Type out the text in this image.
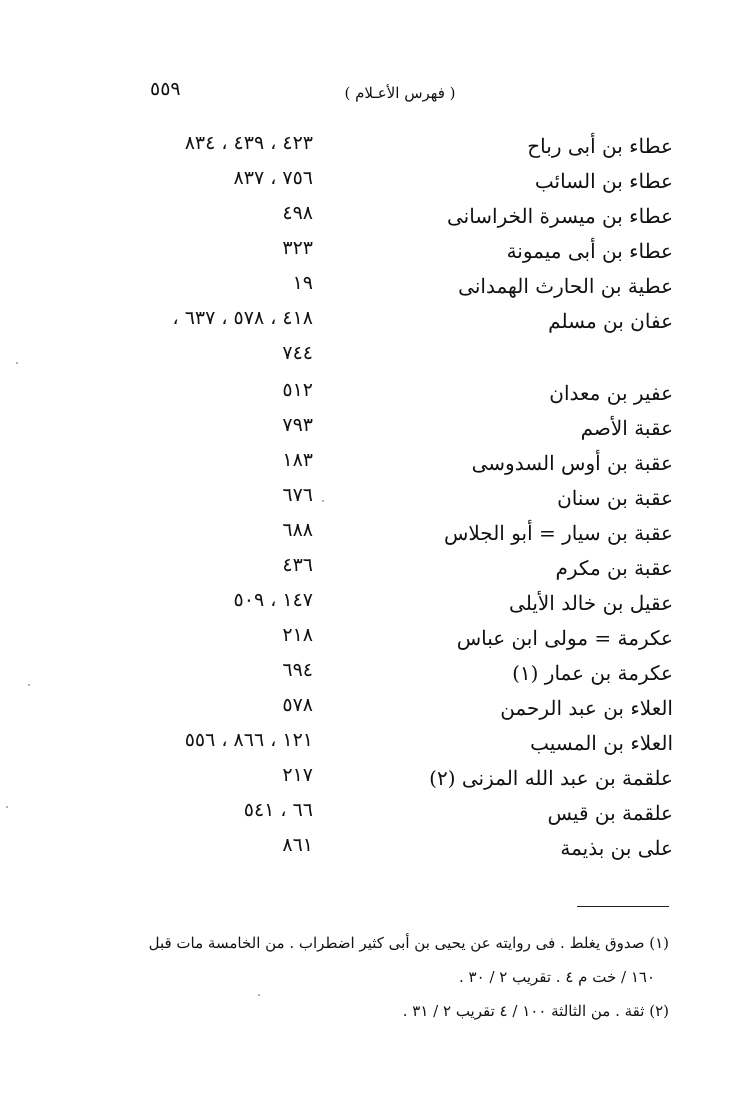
٥٥٩	( فهرس الأعـلام )
عطاء بن أبى رباح
٤٢٣ ، ٤٣٩ ، ٨٣٤
عطاء بن السائب
٧٥٦ ، ٨٣٧
عطاء بن ميسرة الخراسانى
٤٩٨
عطاء بن أبى ميمونة
٣٢٣
عطية بن الحارث الهمدانى
١٩
عفان بن مسلم
٤١٨ ، ٥٧٨ ، ٦٣٧ ،
٧٤٤
عفير بن معدان
٥١٢
عقبة الأصم
٧٩٣
عقبة بن أوس السدوسى
١٨٣
عقبة بن سنان
٦٧٦
عقبة بن سيار = أبو الجلاس
٦٨٨
عقبة بن مكرم
٤٣٦
عقيل بن خالد الأيلى
١٤٧ ، ٥٠٩
عكرمة = مولى ابن عباس
٢١٨
عكرمة بن عمار (١)
٦٩٤
العلاء بن عبد الرحمن
٥٧٨
العلاء بن المسيب
١٢١ ، ٨٦٦ ، ٥٥٦
علقمة بن عبد الله المزنى (٢)
٢١٧
علقمة بن قيس
٦٦ ، ٥٤١
على بن بذيمة
٨٦١
(١) صدوق يغلط . فى روايته عن يحيى بن أبى كثير اضطراب . من الخامسة مات قبل
١٦٠ / خت م ٤ . تقريب ٢ / ٣٠ .
(٢) ثقة . من الثالثة ١٠٠ / ٤ تقريب ٢ / ٣١ .
